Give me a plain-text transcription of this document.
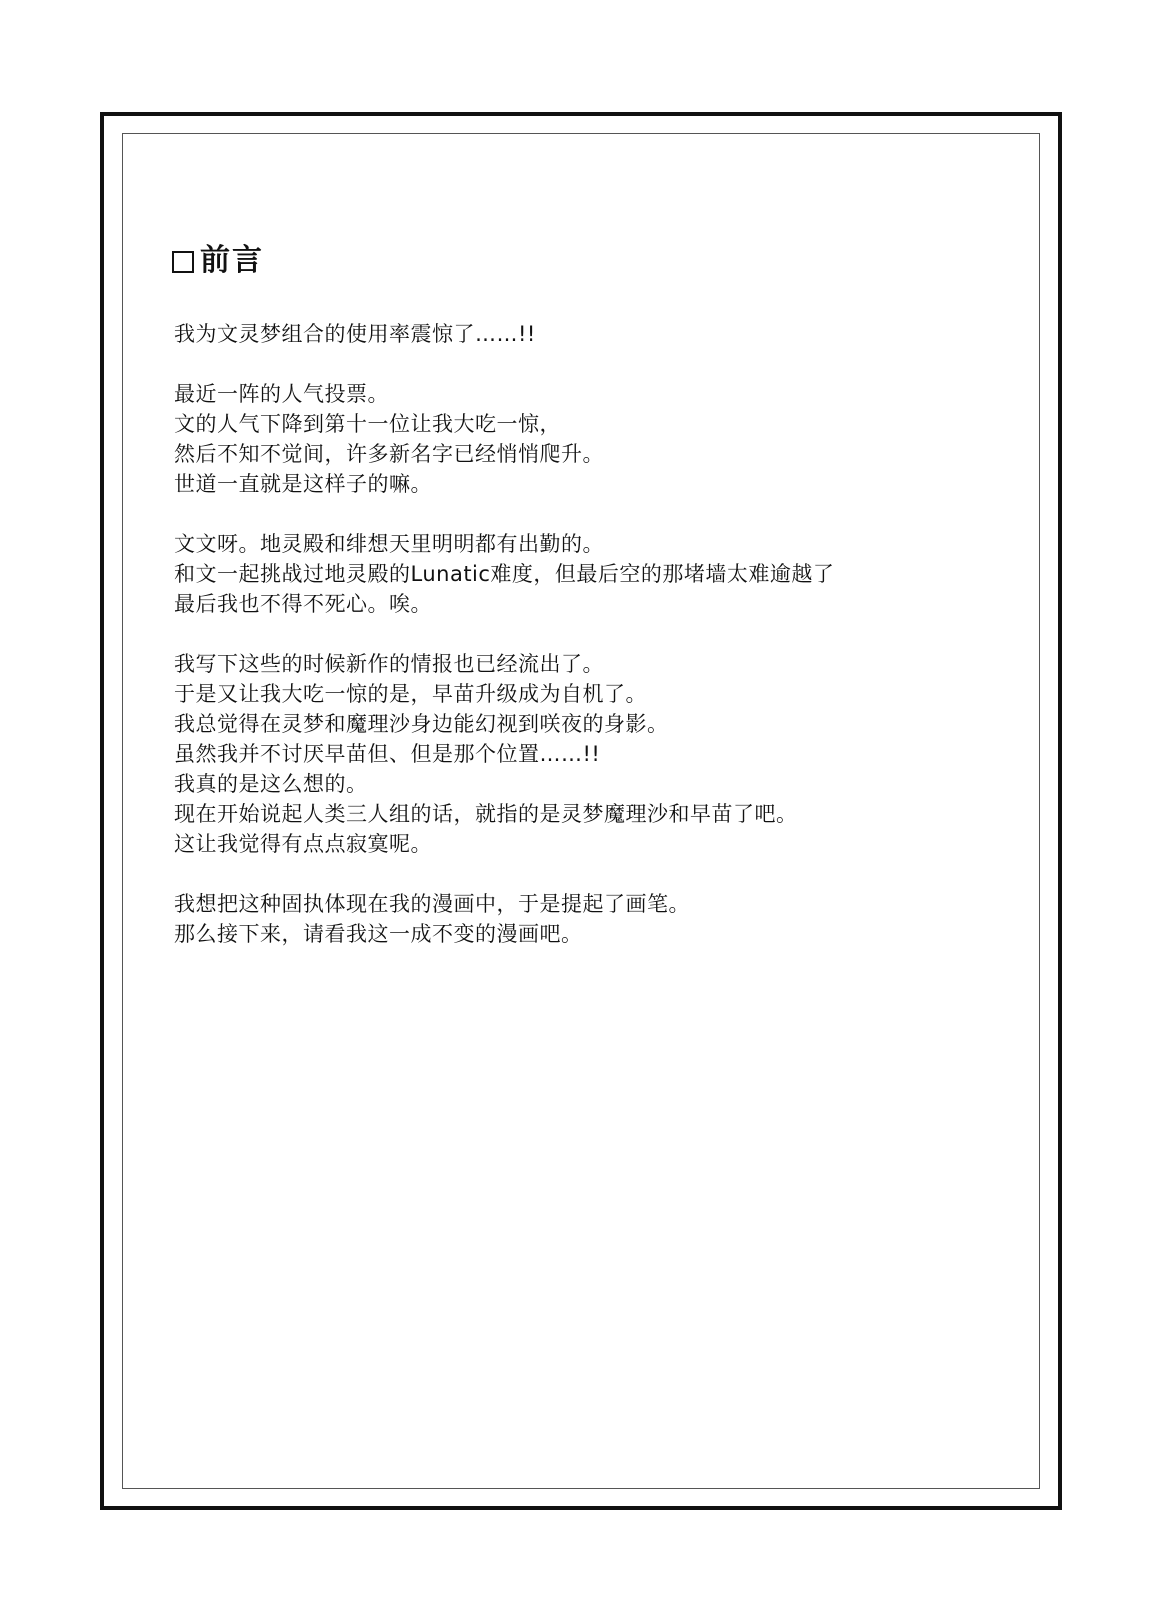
前言
我为文灵梦组合的使用率震惊了……!!
最近一阵的人气投票。
文的人气下降到第十一位让我大吃一惊，
然后不知不觉间，许多新名字已经悄悄爬升。
世道一直就是这样子的嘛。
文文呀。地灵殿和绯想天里明明都有出勤的。
和文一起挑战过地灵殿的Lunatic难度，但最后空的那堵墙太难逾越了
最后我也不得不死心。唉。
我写下这些的时候新作的情报也已经流出了。
于是又让我大吃一惊的是，早苗升级成为自机了。
我总觉得在灵梦和魔理沙身边能幻视到咲夜的身影。
虽然我并不讨厌早苗但、但是那个位置……!!
我真的是这么想的。
现在开始说起人类三人组的话，就指的是灵梦魔理沙和早苗了吧。
这让我觉得有点点寂寞呢。
我想把这种固执体现在我的漫画中，于是提起了画笔。
那么接下来，请看我这一成不变的漫画吧。
